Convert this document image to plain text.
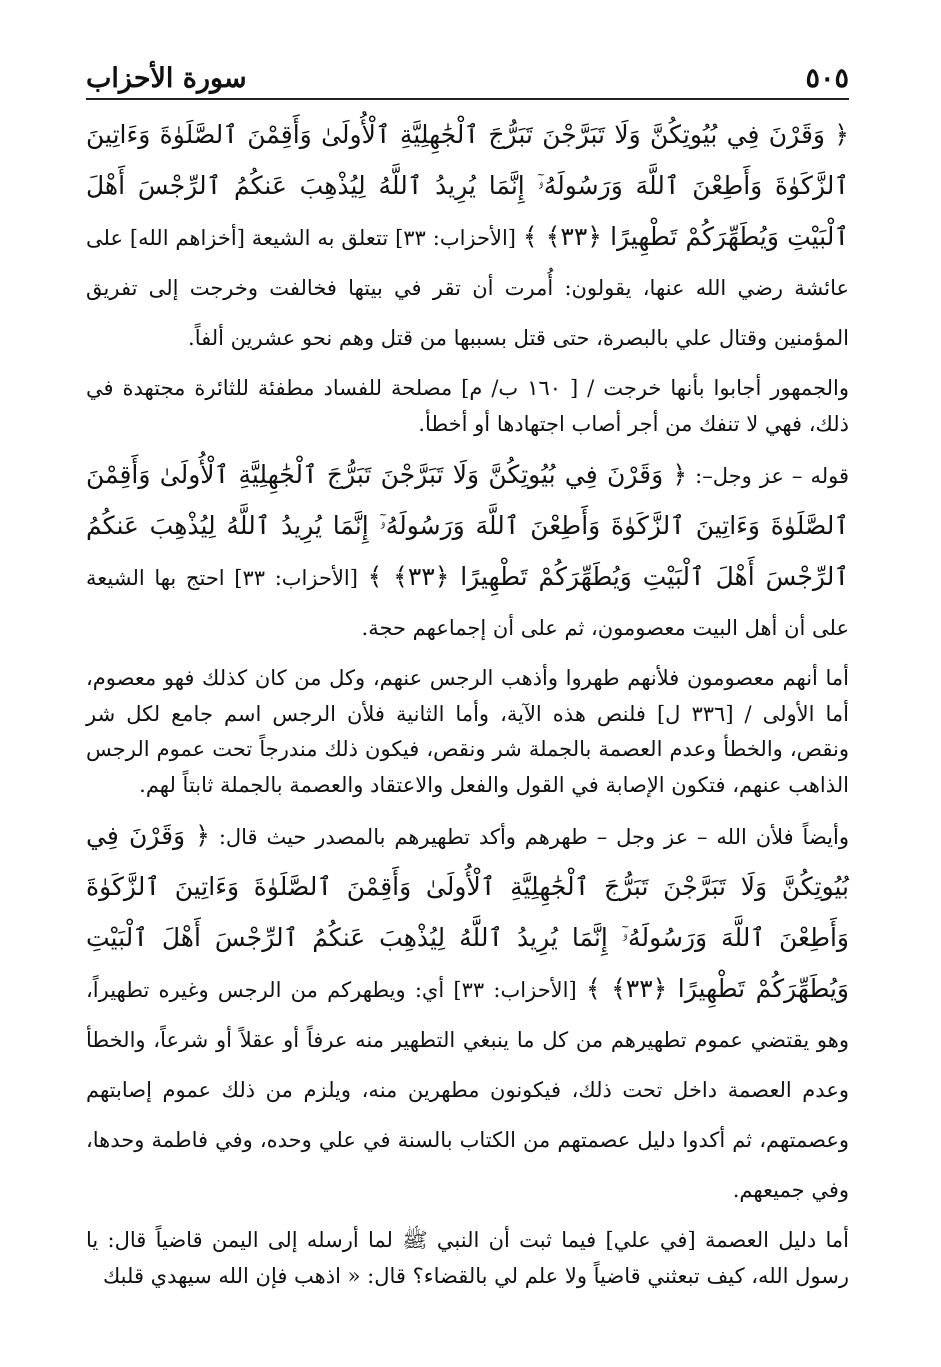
سورة الأحزاب	٥٠٥

﴿ وَقَرْنَ فِي بُيُوتِكُنَّ وَلَا تَبَرَّجْنَ تَبَرُّجَ ٱلْجَٰهِلِيَّةِ ٱلْأُولَىٰ وَأَقِمْنَ ٱلصَّلَوٰةَ وَءَاتِينَ ٱلزَّكَوٰةَ وَأَطِعْنَ ٱللَّهَ وَرَسُولَهُۥٓ إِنَّمَا يُرِيدُ ٱللَّهُ لِيُذْهِبَ عَنكُمُ ٱلرِّجْسَ أَهْلَ ٱلْبَيْتِ وَيُطَهِّرَكُمْ تَطْهِيرًا ﴿٣٣﴾ ﴾ [الأحزاب: ٣٣] تتعلق به الشيعة [أخزاهم الله] على عائشة رضي الله عنها، يقولون: أُمرت أن تقر في بيتها فخالفت وخرجت إلى تفريق المؤمنين وقتال علي بالبصرة، حتى قتل بسببها من قتل وهم نحو عشرين ألفاً.

والجمهور أجابوا بأنها خرجت / [ ١٦٠ ب/ م] مصلحة للفساد مطفئة للثائرة مجتهدة في ذلك، فهي لا تنفك من أجر أصاب اجتهادها أو أخطأ.

قوله – عز وجل–: ﴿ وَقَرْنَ فِي بُيُوتِكُنَّ وَلَا تَبَرَّجْنَ تَبَرُّجَ ٱلْجَٰهِلِيَّةِ ٱلْأُولَىٰ وَأَقِمْنَ ٱلصَّلَوٰةَ وَءَاتِينَ ٱلزَّكَوٰةَ وَأَطِعْنَ ٱللَّهَ وَرَسُولَهُۥٓ إِنَّمَا يُرِيدُ ٱللَّهُ لِيُذْهِبَ عَنكُمُ ٱلرِّجْسَ أَهْلَ ٱلْبَيْتِ وَيُطَهِّرَكُمْ تَطْهِيرًا ﴿٣٣﴾ ﴾ [الأحزاب: ٣٣] احتج بها الشيعة على أن أهل البيت معصومون، ثم على أن إجماعهم حجة.

أما أنهم معصومون فلأنهم طهروا وأذهب الرجس عنهم، وكل من كان كذلك فهو معصوم، أما الأولى / [٣٣٦ ل] فلنص هذه الآية، وأما الثانية فلأن الرجس اسم جامع لكل شر ونقص، والخطأ وعدم العصمة بالجملة شر ونقص، فيكون ذلك مندرجاً تحت عموم الرجس الذاهب عنهم، فتكون الإصابة في القول والفعل والاعتقاد والعصمة بالجملة ثابتاً لهم.

وأيضاً فلأن الله – عز وجل – طهرهم وأكد تطهيرهم بالمصدر حيث قال: ﴿ وَقَرْنَ فِي بُيُوتِكُنَّ وَلَا تَبَرَّجْنَ تَبَرُّجَ ٱلْجَٰهِلِيَّةِ ٱلْأُولَىٰ وَأَقِمْنَ ٱلصَّلَوٰةَ وَءَاتِينَ ٱلزَّكَوٰةَ وَأَطِعْنَ ٱللَّهَ وَرَسُولَهُۥٓ إِنَّمَا يُرِيدُ ٱللَّهُ لِيُذْهِبَ عَنكُمُ ٱلرِّجْسَ أَهْلَ ٱلْبَيْتِ وَيُطَهِّرَكُمْ تَطْهِيرًا ﴿٣٣﴾ ﴾ [الأحزاب: ٣٣] أي: ويطهركم من الرجس وغيره تطهيراً، وهو يقتضي عموم تطهيرهم من كل ما ينبغي التطهير منه عرفاً أو عقلاً أو شرعاً، والخطأ وعدم العصمة داخل تحت ذلك، فيكونون مطهرين منه، ويلزم من ذلك عموم إصابتهم وعصمتهم، ثم أكدوا دليل عصمتهم من الكتاب بالسنة في علي وحده، وفي فاطمة وحدها، وفي جميعهم.

أما دليل العصمة [في علي] فيما ثبت أن النبي ﷺ لما أرسله إلى اليمن قاضياً قال: يا رسول الله، كيف تبعثني قاضياً ولا علم لي بالقضاء؟ قال: « اذهب فإن الله سيهدي قلبك
